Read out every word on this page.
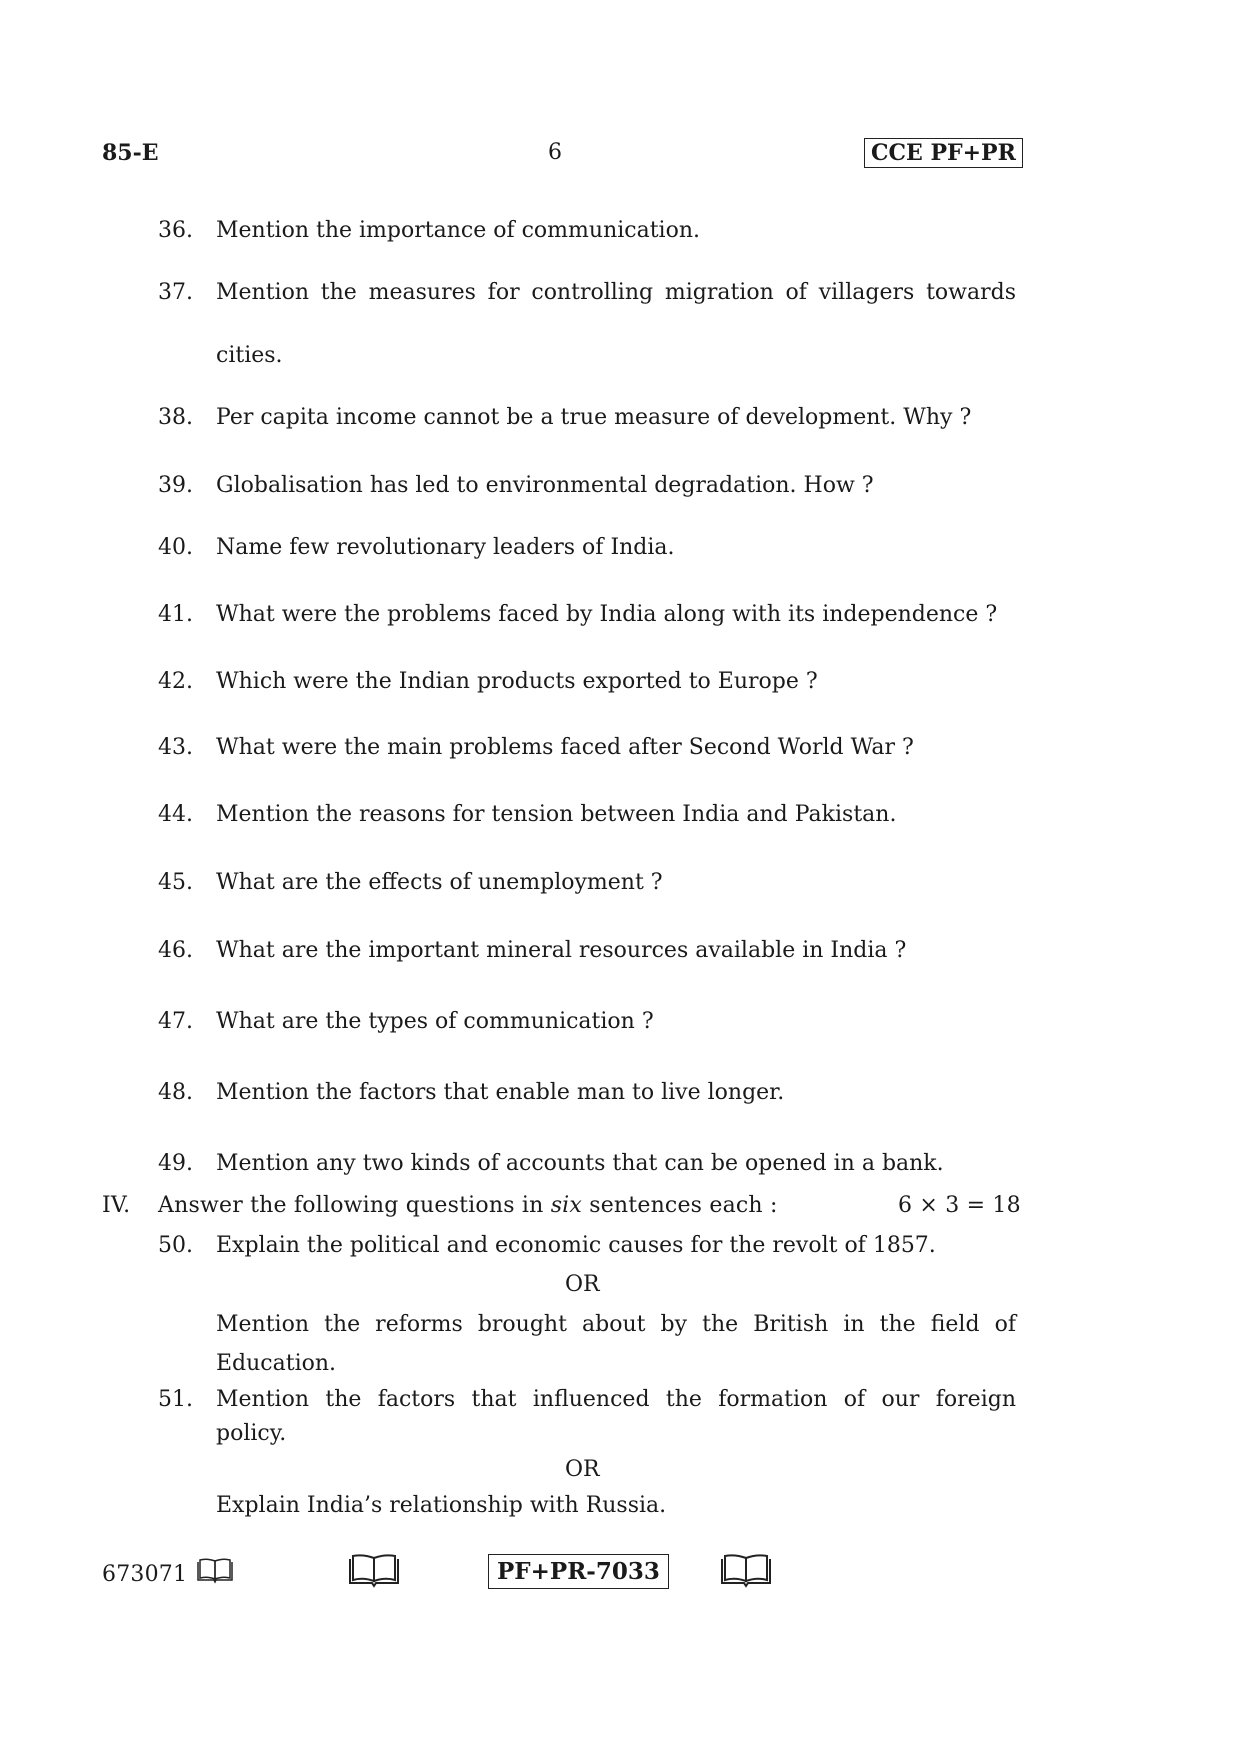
85-E	6	CCE PF+PR
36. Mention the importance of communication.
37. Mention the measures for controlling migration of villagers towards
cities.
38. Per capita income cannot be a true measure of development. Why ?
39. Globalisation has led to environmental degradation. How ?
40. Name few revolutionary leaders of India.
41. What were the problems faced by India along with its independence ?
42. Which were the Indian products exported to Europe ?
43. What were the main problems faced after Second World War ?
44. Mention the reasons for tension between India and Pakistan.
45. What are the effects of unemployment ?
46. What are the important mineral resources available in India ?
47. What are the types of communication ?
48. Mention the factors that enable man to live longer.
49. Mention any two kinds of accounts that can be opened in a bank.
IV. Answer the following questions in six sentences each :	6 × 3 = 18
50. Explain the political and economic causes for the revolt of 1857.
OR
Mention the reforms brought about by the British in the field of
Education.
51. Mention the factors that influenced the formation of our foreign
policy.
OR
Explain India’s relationship with Russia.
673071	PF+PR-7033
